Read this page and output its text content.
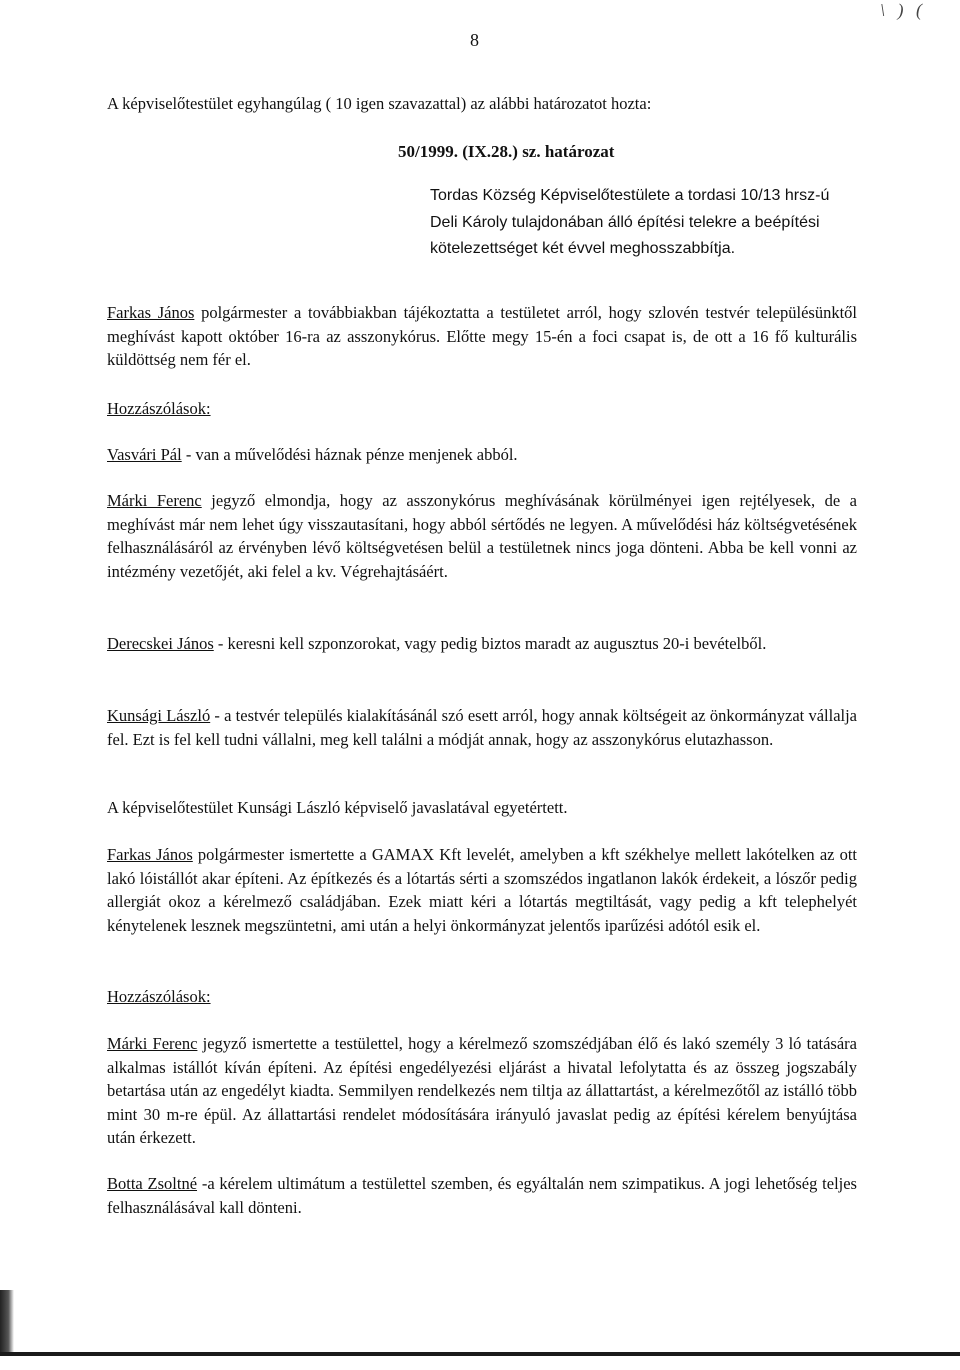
\ ) (
8
A képviselőtestület egyhangúlag ( 10 igen szavazattal) az alábbi határozatot hozta:
50/1999. (IX.28.) sz. határozat
Tordas Község Képviselőtestülete a tordasi 10/13 hrsz-ú Deli Károly tulajdonában álló építési telekre a beépítési kötelezettséget két évvel meghosszabbítja.
Farkas János polgármester a továbbiakban tájékoztatta a testületet arról, hogy szlovén testvér településünktől meghívást kapott október 16-ra az asszonykórus. Előtte megy 15-én a foci csapat is, de ott a 16 fő kulturális küldöttség nem fér el.
Hozzászólások:
Vasvári Pál - van a művelődési háznak pénze menjenek abból.
Márki Ferenc jegyző elmondja, hogy az asszonykórus meghívásának körülményei igen rejtélyesek, de a meghívást már nem lehet úgy visszautasítani, hogy abból sértődés ne legyen. A művelődési ház költségvetésének felhasználásáról az érvényben lévő költségvetésen belül a testületnek nincs joga dönteni. Abba be kell vonni az intézmény vezetőjét, aki felel a kv. Végrehajtásáért.
Derecskei János - keresni kell szponzorokat, vagy pedig biztos maradt az augusztus 20-i bevételből.
Kunsági László - a testvér település kialakításánál szó esett arról, hogy annak költségeit az önkormányzat vállalja fel. Ezt is fel kell tudni vállalni, meg kell találni a módját annak, hogy az asszonykórus elutazhasson.
A képviselőtestület Kunsági László képviselő javaslatával egyetértett.
Farkas János polgármester ismertette a GAMAX Kft levelét, amelyben a kft székhelye mellett lakótelken az ott lakó lóistállót akar építeni. Az építkezés és a lótartás sérti a szomszédos ingatlanon lakók érdekeit, a lószőr pedig allergiát okoz a kérelmező családjában. Ezek miatt kéri a lótartás megtiltását, vagy pedig a kft telephelyét kénytelenek lesznek megszüntetni, ami után a helyi önkormányzat jelentős iparűzési adótól esik el.
Hozzászólások:
Márki Ferenc jegyző ismertette a testülettel, hogy a kérelmező szomszédjában élő és lakó személy 3 ló tatására alkalmas istállót kíván építeni. Az építési engedélyezési eljárást a hivatal lefolytatta és az összeg jogszabály betartása után az engedélyt kiadta. Semmilyen rendelkezés nem tiltja az állattartást, a kérelmezőtől az istálló több mint 30 m-re épül. Az állattartási rendelet módosítására irányuló javaslat pedig az építési kérelem benyújtása után érkezett.
Botta Zsoltné -a kérelem ultimátum a testülettel szemben, és egyáltalán nem szimpatikus. A jogi lehetőség teljes felhasználásával kall dönteni.
